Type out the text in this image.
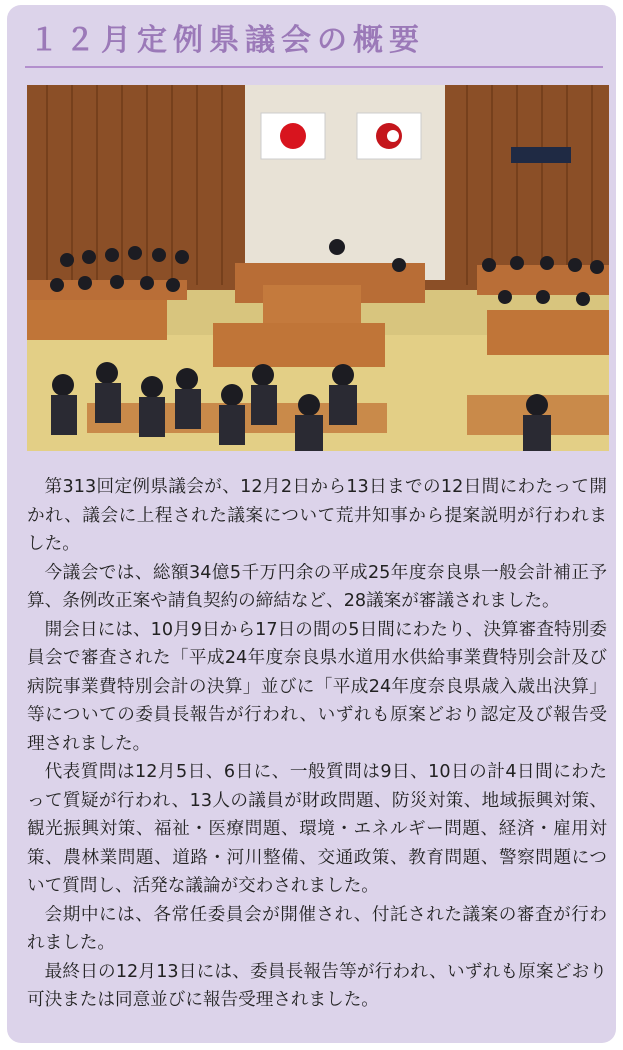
１２月定例県議会の概要

第313回定例県議会が、12月2日から13日までの12日間にわたって開かれ、議会に上程された議案について荒井知事から提案説明が行われました。

今議会では、総額34億5千万円余の平成25年度奈良県一般会計補正予算、条例改正案や請負契約の締結など、28議案が審議されました。

開会日には、10月9日から17日の間の5日間にわたり、決算審査特別委員会で審査された「平成24年度奈良県水道用水供給事業費特別会計及び病院事業費特別会計の決算」並びに「平成24年度奈良県歳入歳出決算」等についての委員長報告が行われ、いずれも原案どおり認定及び報告受理されました。

代表質問は12月5日、6日に、一般質問は9日、10日の計4日間にわたって質疑が行われ、13人の議員が財政問題、防災対策、地域振興対策、観光振興対策、福祉・医療問題、環境・エネルギー問題、経済・雇用対策、農林業問題、道路・河川整備、交通政策、教育問題、警察問題について質問し、活発な議論が交わされました。

会期中には、各常任委員会が開催され、付託された議案の審査が行われました。

最終日の12月13日には、委員長報告等が行われ、いずれも原案どおり可決または同意並びに報告受理されました。
